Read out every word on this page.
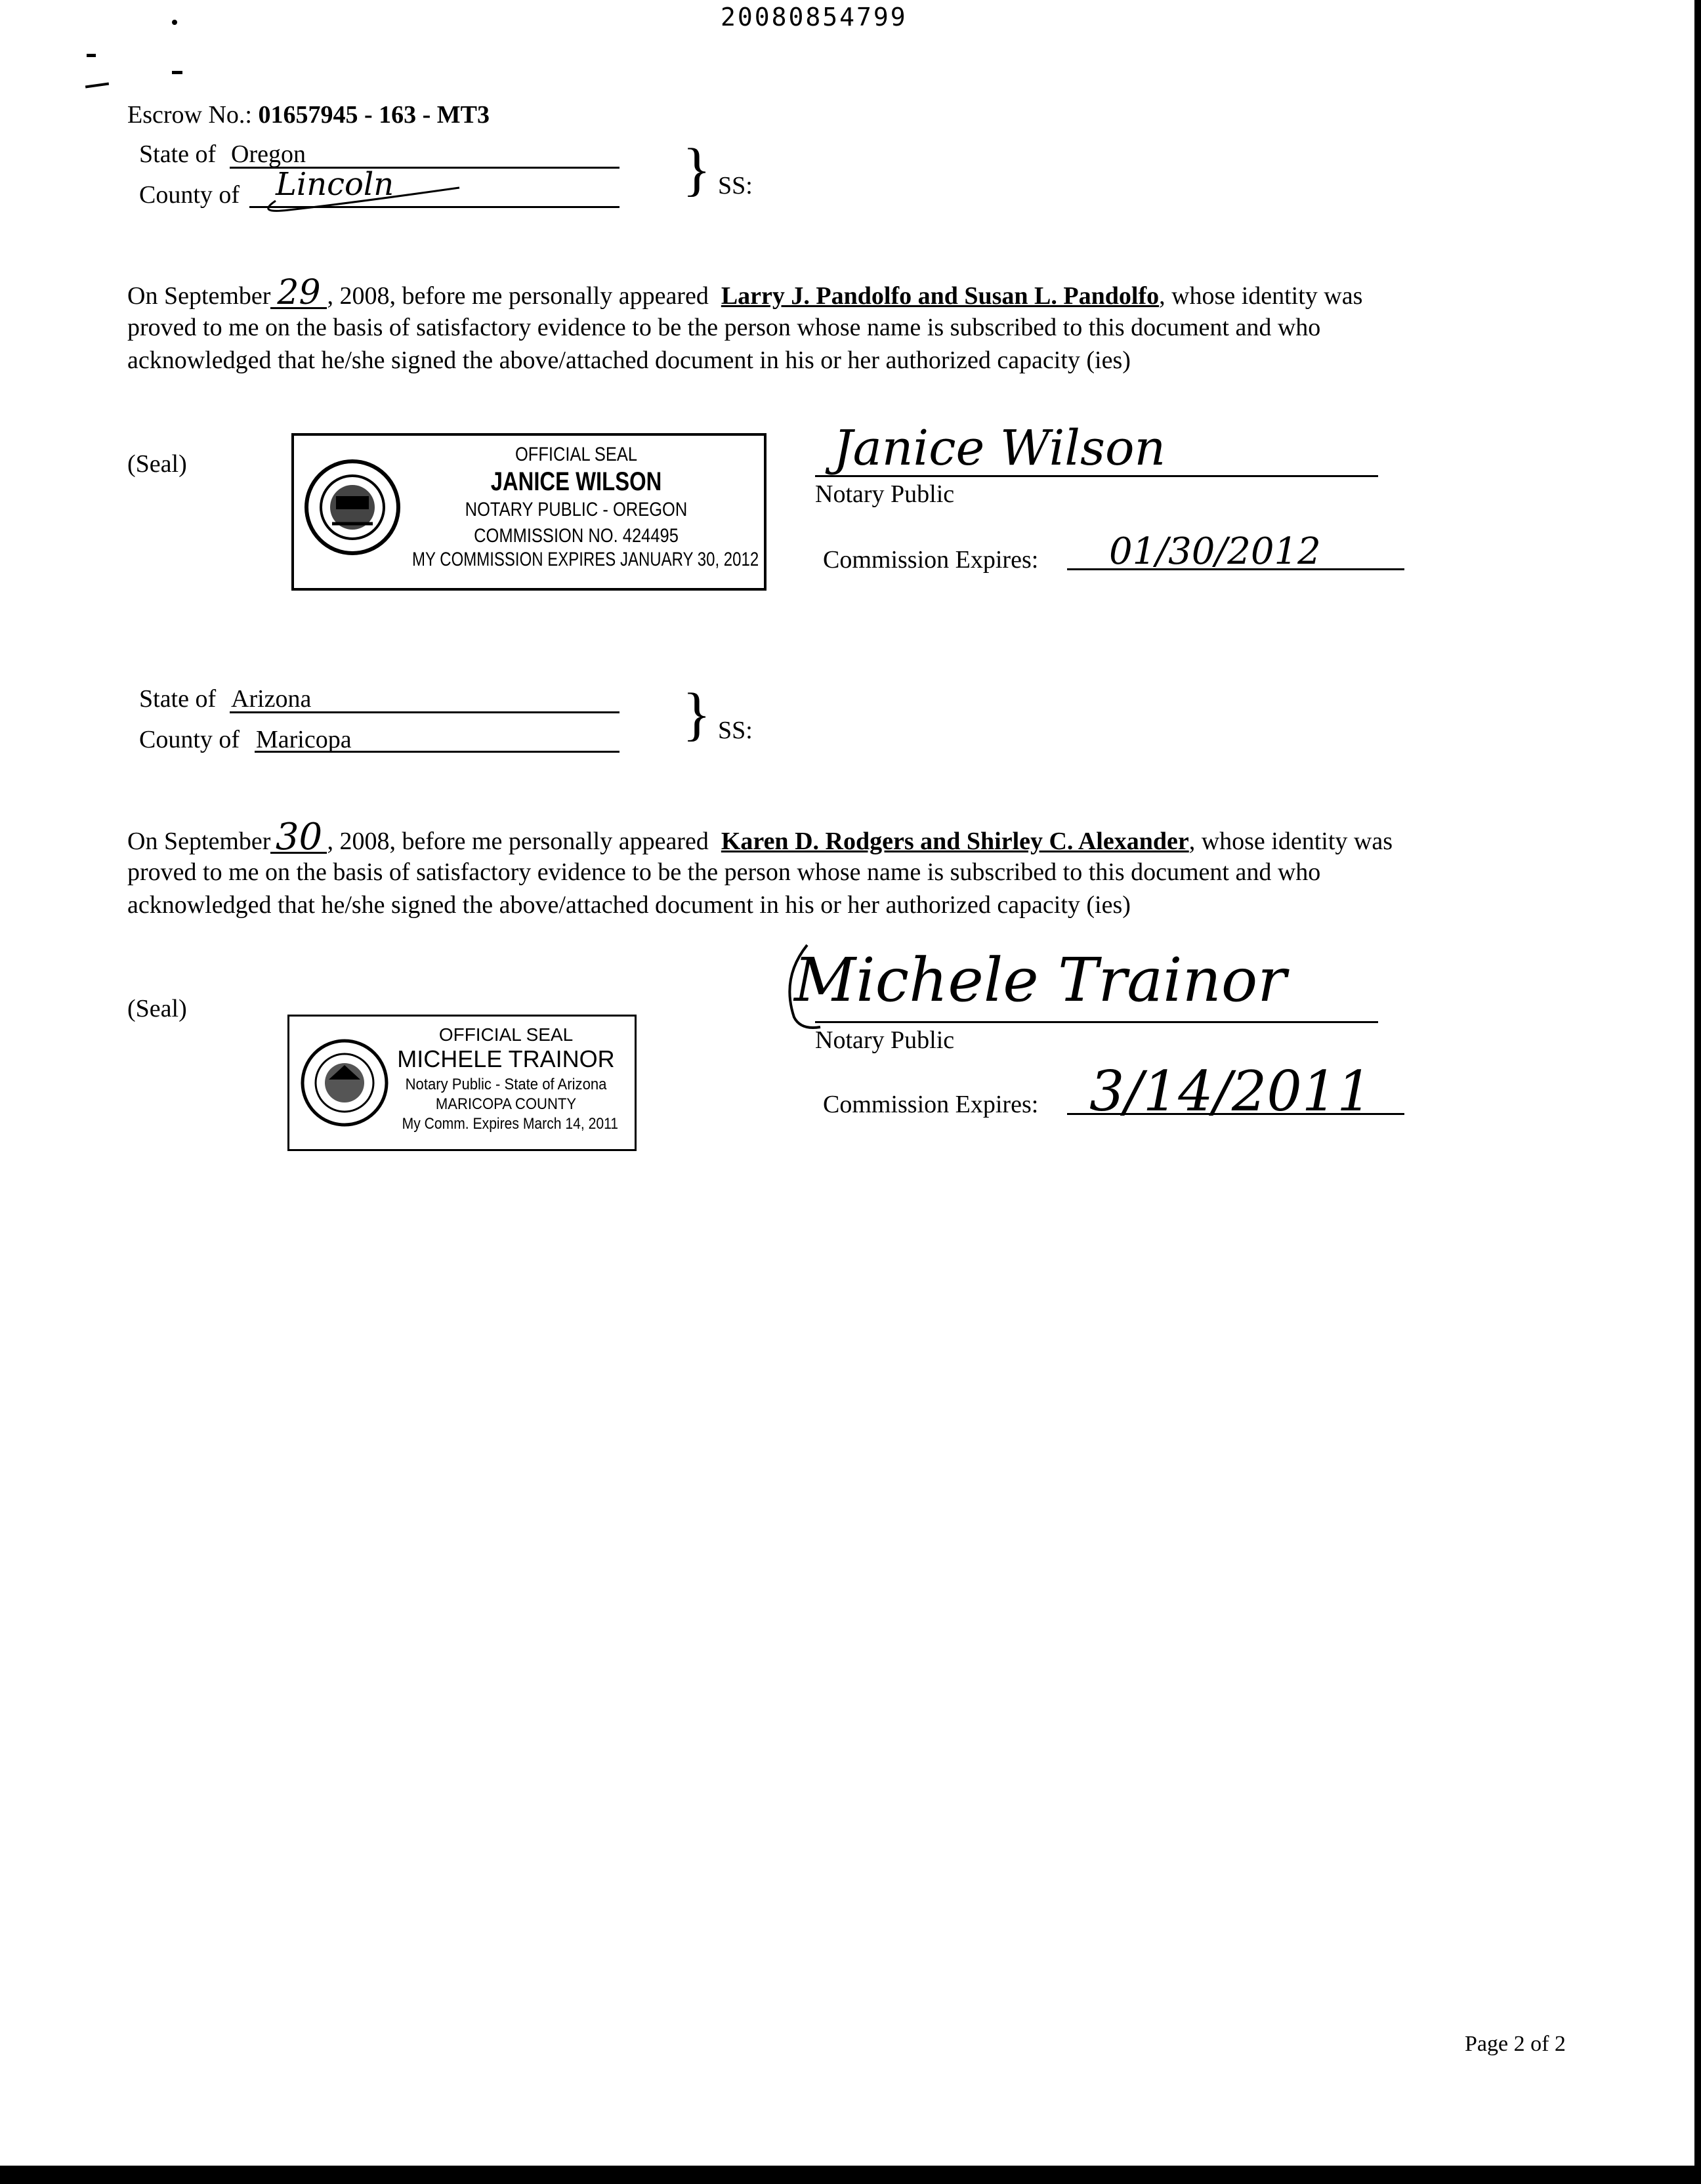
20080854799
Escrow No.: 01657945 - 163 - MT3
State of Oregon
County of Lincoln	} SS:
On September 29 , 2008, before me personally appeared Larry J. Pandolfo and Susan L. Pandolfo, whose identity was
proved to me on the basis of satisfactory evidence to be the person whose name is subscribed to this document and who
acknowledged that he/she signed the above/attached document in his or her authorized capacity (ies)
(Seal)	OFFICIAL SEAL
JANICE WILSON
NOTARY PUBLIC - OREGON
COMMISSION NO. 424495
MY COMMISSION EXPIRES JANUARY 30, 2012
Janice Wilson
Notary Public
Commission Expires: 01/30/2012
State of Arizona
County of Maricopa	} SS:
On September 30 , 2008, before me personally appeared Karen D. Rodgers and Shirley C. Alexander, whose identity was
proved to me on the basis of satisfactory evidence to be the person whose name is subscribed to this document and who
acknowledged that he/she signed the above/attached document in his or her authorized capacity (ies)
(Seal)
OFFICIAL SEAL
MICHELE TRAINOR
Notary Public - State of Arizona
MARICOPA COUNTY
My Comm. Expires March 14, 2011
Michele Trainor
Notary Public
Commission Expires: 3/14/2011
Page 2 of 2
